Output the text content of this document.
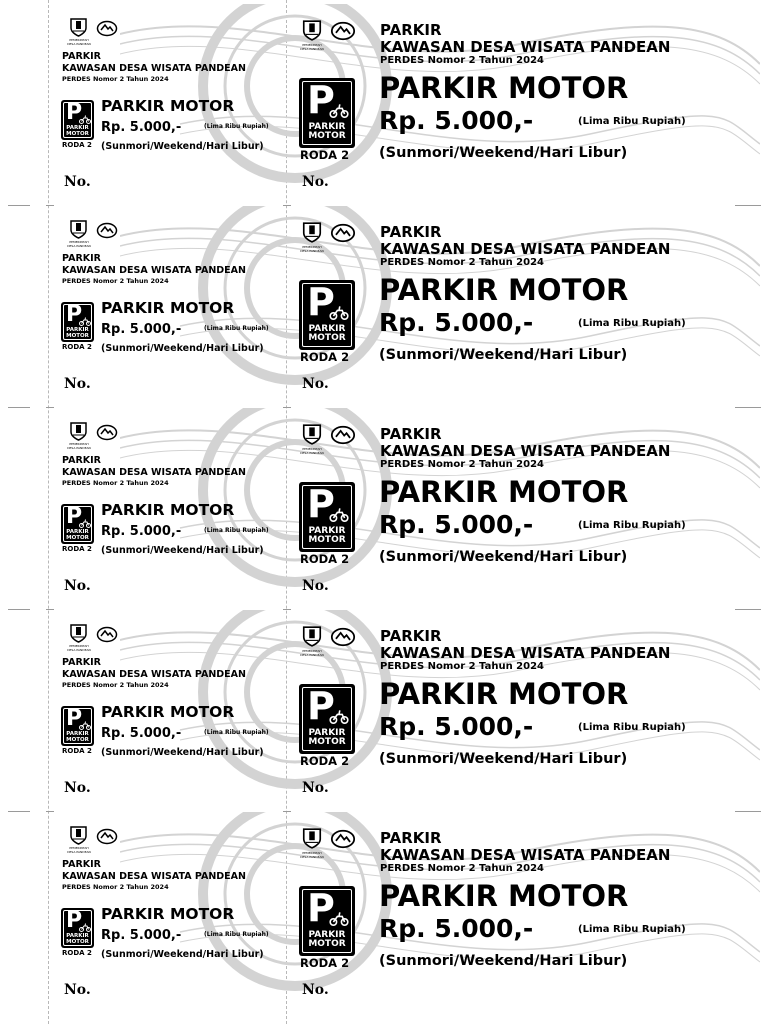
PEMERINTAH
DESA PANDEAN
PARKIR
KAWASAN DESA WISATA PANDEAN
PERDES Nomor 2 Tahun 2024
P
PARKIR
MOTOR
PARKIR MOTOR
Rp. 5.000,-	(Lima Ribu Rupiah)
RODA 2 (Sunmori/Weekend/Hari Libur)
No.
PEMERINTAH
DESA PANDEAN
P
PARKIR
MOTOR
RODA 2
No.
PARKIR
KAWASAN DESA WISATA PANDEAN
PERDES Nomor 2 Tahun 2024
PARKIR MOTOR
Rp. 5.000,-	(Lima Ribu Rupiah)
(Sunmori/Weekend/Hari Libur)
PEMERINTAH
DESA PANDEAN
PARKIR
KAWASAN DESA WISATA PANDEAN
PERDES Nomor 2 Tahun 2024
P
PARKIR
MOTOR
PARKIR MOTOR
Rp. 5.000,-	(Lima Ribu Rupiah)
RODA 2 (Sunmori/Weekend/Hari Libur)
No.
PEMERINTAH
DESA PANDEAN
P
PARKIR
MOTOR
RODA 2
No.
PARKIR
KAWASAN DESA WISATA PANDEAN
PERDES Nomor 2 Tahun 2024
PARKIR MOTOR
Rp. 5.000,-	(Lima Ribu Rupiah)
(Sunmori/Weekend/Hari Libur)
PEMERINTAH
DESA PANDEAN
PARKIR
KAWASAN DESA WISATA PANDEAN
PERDES Nomor 2 Tahun 2024
P
PARKIR
MOTOR
PARKIR MOTOR
Rp. 5.000,-	(Lima Ribu Rupiah)
RODA 2 (Sunmori/Weekend/Hari Libur)
No.
PEMERINTAH
DESA PANDEAN
P
PARKIR
MOTOR
RODA 2
No.
PARKIR
KAWASAN DESA WISATA PANDEAN
PERDES Nomor 2 Tahun 2024
PARKIR MOTOR
Rp. 5.000,-	(Lima Ribu Rupiah)
(Sunmori/Weekend/Hari Libur)
PEMERINTAH
DESA PANDEAN
PARKIR
KAWASAN DESA WISATA PANDEAN
PERDES Nomor 2 Tahun 2024
P
PARKIR
MOTOR
PARKIR MOTOR
Rp. 5.000,-	(Lima Ribu Rupiah)
RODA 2 (Sunmori/Weekend/Hari Libur)
No.
PEMERINTAH
DESA PANDEAN
P
PARKIR
MOTOR
RODA 2
No.
PARKIR
KAWASAN DESA WISATA PANDEAN
PERDES Nomor 2 Tahun 2024
PARKIR MOTOR
Rp. 5.000,-	(Lima Ribu Rupiah)
(Sunmori/Weekend/Hari Libur)
PEMERINTAH
DESA PANDEAN
PARKIR
KAWASAN DESA WISATA PANDEAN
PERDES Nomor 2 Tahun 2024
P
PARKIR
MOTOR
PARKIR MOTOR
Rp. 5.000,-	(Lima Ribu Rupiah)
RODA 2 (Sunmori/Weekend/Hari Libur)
No.
PEMERINTAH
DESA PANDEAN
P
PARKIR
MOTOR
RODA 2
No.
PARKIR
KAWASAN DESA WISATA PANDEAN
PERDES Nomor 2 Tahun 2024
PARKIR MOTOR
Rp. 5.000,-	(Lima Ribu Rupiah)
(Sunmori/Weekend/Hari Libur)
